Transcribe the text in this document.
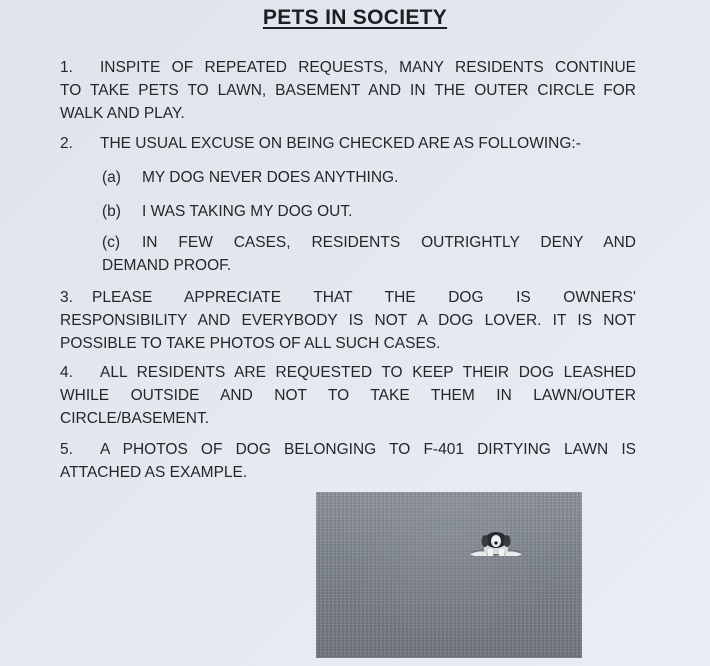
PETS IN SOCIETY
1. INSPITE OF REPEATED REQUESTS, MANY RESIDENTS CONTINUE
TO TAKE PETS TO LAWN, BASEMENT AND IN THE OUTER CIRCLE FOR
WALK AND PLAY.
2. THE USUAL EXCUSE ON BEING CHECKED ARE AS FOLLOWING:-
(a) MY DOG NEVER DOES ANYTHING.
(b) I WAS TAKING MY DOG OUT.
(c) IN FEW CASES, RESIDENTS OUTRIGHTLY DENY AND
DEMAND PROOF.
3. PLEASE APPRECIATE THAT THE DOG IS OWNERS'
RESPONSIBILITY AND EVERYBODY IS NOT A DOG LOVER. IT IS NOT
POSSIBLE TO TAKE PHOTOS OF ALL SUCH CASES.
4. ALL RESIDENTS ARE REQUESTED TO KEEP THEIR DOG LEASHED
WHILE OUTSIDE AND NOT TO TAKE THEM IN LAWN/OUTER
CIRCLE/BASEMENT.
5. A PHOTOS OF DOG BELONGING TO F-401 DIRTYING LAWN IS
ATTACHED AS EXAMPLE.
